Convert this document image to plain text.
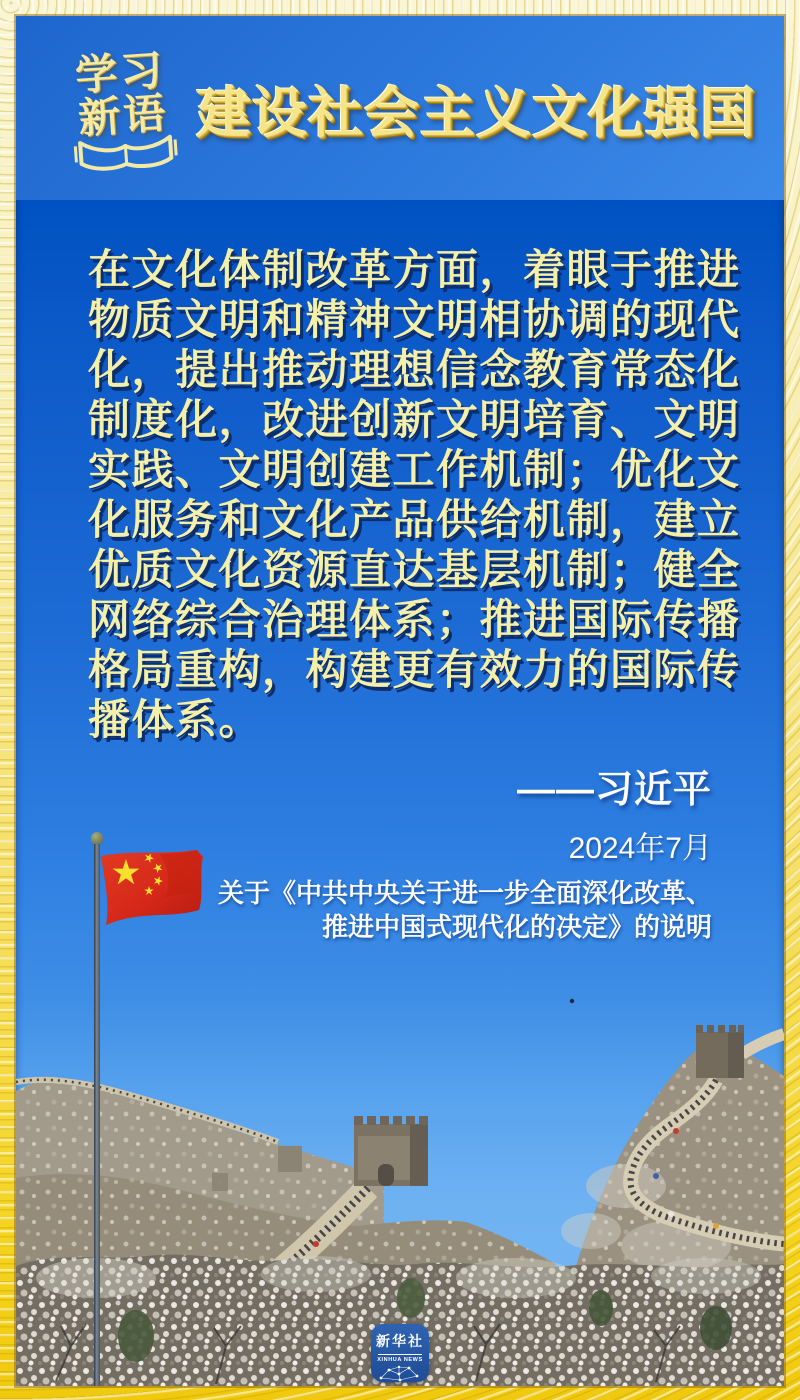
学习
新语 建设社会主义文化强国
在文化体制改革方面，着眼于推进
物质文明和精神文明相协调的现代
化，提出推动理想信念教育常态化
制度化，改进创新文明培育、文明
实践、文明创建工作机制；优化文
化服务和文化产品供给机制，建立
优质文化资源直达基层机制；健全
网络综合治理体系；推进国际传播
格局重构，构建更有效力的国际传
播体系。
——习近平
2024年7月
关于《中共中央关于进一步全面深化改革、
推进中国式现代化的决定》的说明
新华社
XINHUA NEWS
